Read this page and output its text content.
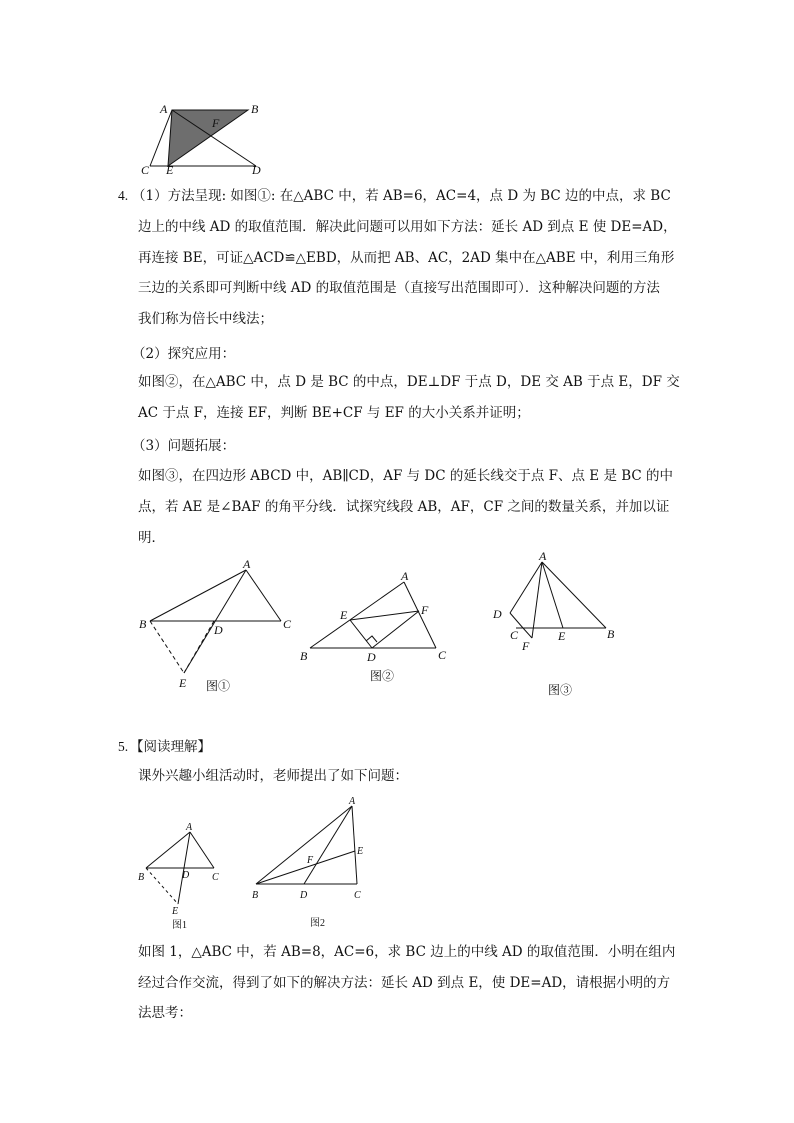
A	B
F
C E	D
4. （1）方法呈现: 如图①: 在△ABC 中，若 AB=6，AC=4，点 D 为 BC 边的中点，求 BC
边上的中线 AD 的取值范围．解决此问题可以用如下方法：延长 AD 到点 E 使 DE=AD，
再连接 BE，可证△ACD≌△EBD，从而把 AB、AC，2AD 集中在△ABE 中，利用三角形
三边的关系即可判断中线 AD 的取值范围是（直接写出范围即可）．这种解决问题的方法
我们称为倍长中线法；
（2）探究应用：
如图②，在△ABC 中，点 D 是 BC 的中点，DE⊥DF 于点 D，DE 交 AB 于点 E，DF 交
AC 于点 F，连接 EF，判断 BE+CF 与 EF 的大小关系并证明；
（3）问题拓展：
如图③，在四边形 ABCD 中，AB∥CD，AF 与 DC 的延长线交于点 F、点 E 是 BC 的中
点，若 AE 是∠BAF 的角平分线．试探究线段 AB，AF，CF 之间的数量关系，并加以证
明．
A
B	C
D
E 图①
A
E	F
B	D	C
图②
A
D
C	E	B
F
图③
5. 【阅读理解】
课外兴趣小组活动时，老师提出了如下问题：
A
B	D C
E
图1
A
E
F
B	D	C
图2
如图 1，△ABC 中，若 AB=8，AC=6，求 BC 边上的中线 AD 的取值范围．小明在组内
经过合作交流，得到了如下的解决方法：延长 AD 到点 E，使 DE=AD，请根据小明的方
法思考：
